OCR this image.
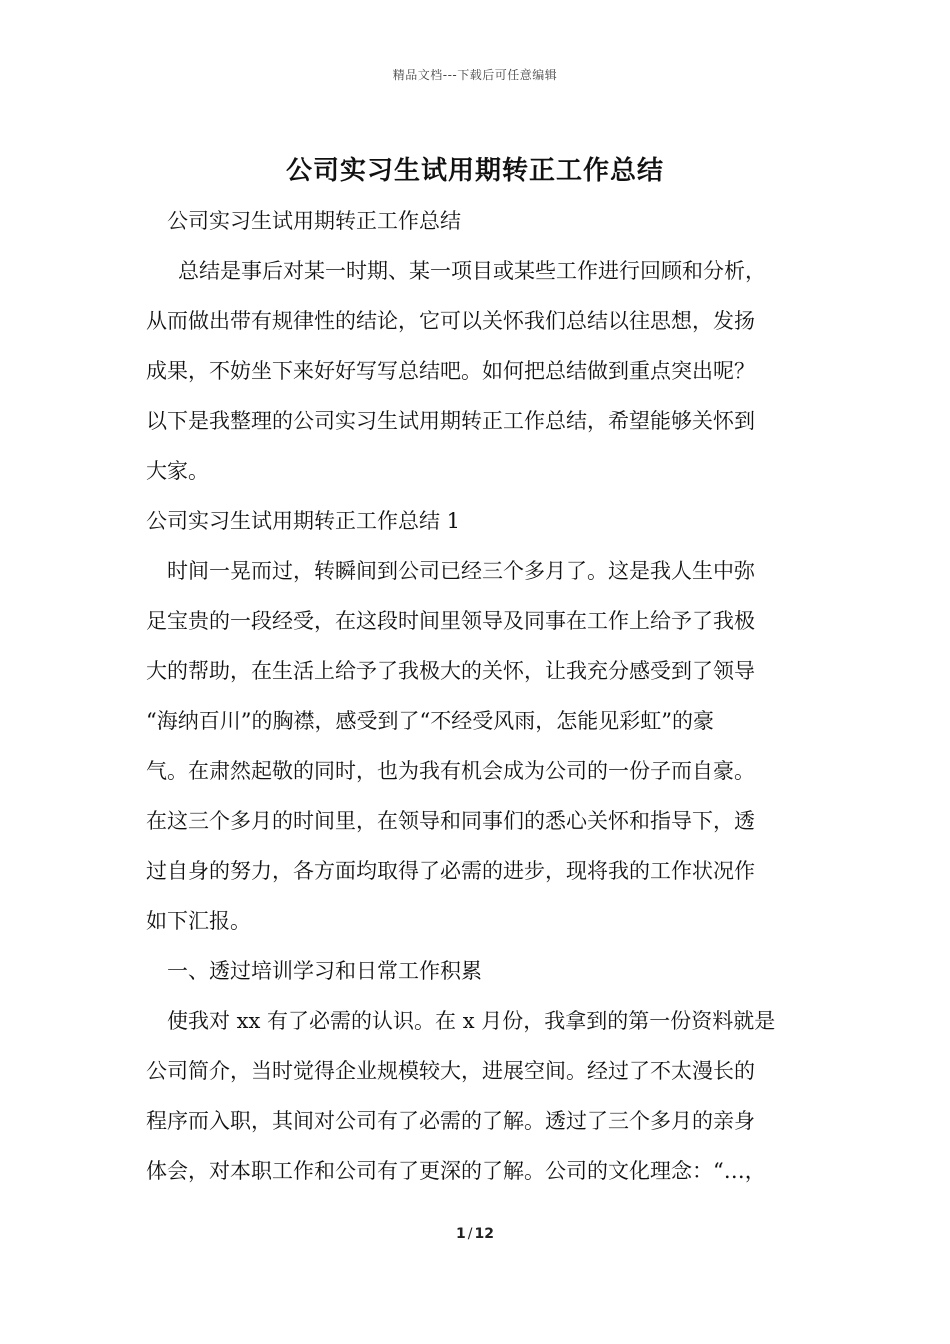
精品文档---下载后可任意编辑
公司实习生试用期转正工作总结
公司实习生试用期转正工作总结
总结是事后对某一时期、某一项目或某些工作进行回顾和分析，
从而做出带有规律性的结论，它可以关怀我们总结以往思想，发扬
成果，不妨坐下来好好写写总结吧。如何把总结做到重点突出呢？
以下是我整理的公司实习生试用期转正工作总结，希望能够关怀到
大家。
公司实习生试用期转正工作总结 1
时间一晃而过，转瞬间到公司已经三个多月了。这是我人生中弥
足宝贵的一段经受，在这段时间里领导及同事在工作上给予了我极
大的帮助，在生活上给予了我极大的关怀，让我充分感受到了领导
“海纳百川”的胸襟，感受到了“不经受风雨，怎能见彩虹”的豪
气。在肃然起敬的同时，也为我有机会成为公司的一份子而自豪。
在这三个多月的时间里，在领导和同事们的悉心关怀和指导下，透
过自身的努力，各方面均取得了必需的进步，现将我的工作状况作
如下汇报。
一、透过培训学习和日常工作积累
使我对 xx 有了必需的认识。在 x 月份，我拿到的第一份资料就是
公司简介，当时觉得企业规模较大，进展空间。经过了不太漫长的
程序而入职，其间对公司有了必需的了解。透过了三个多月的亲身
体会，对本职工作和公司有了更深的了解。公司的文化理念：“…，
1 / 12
